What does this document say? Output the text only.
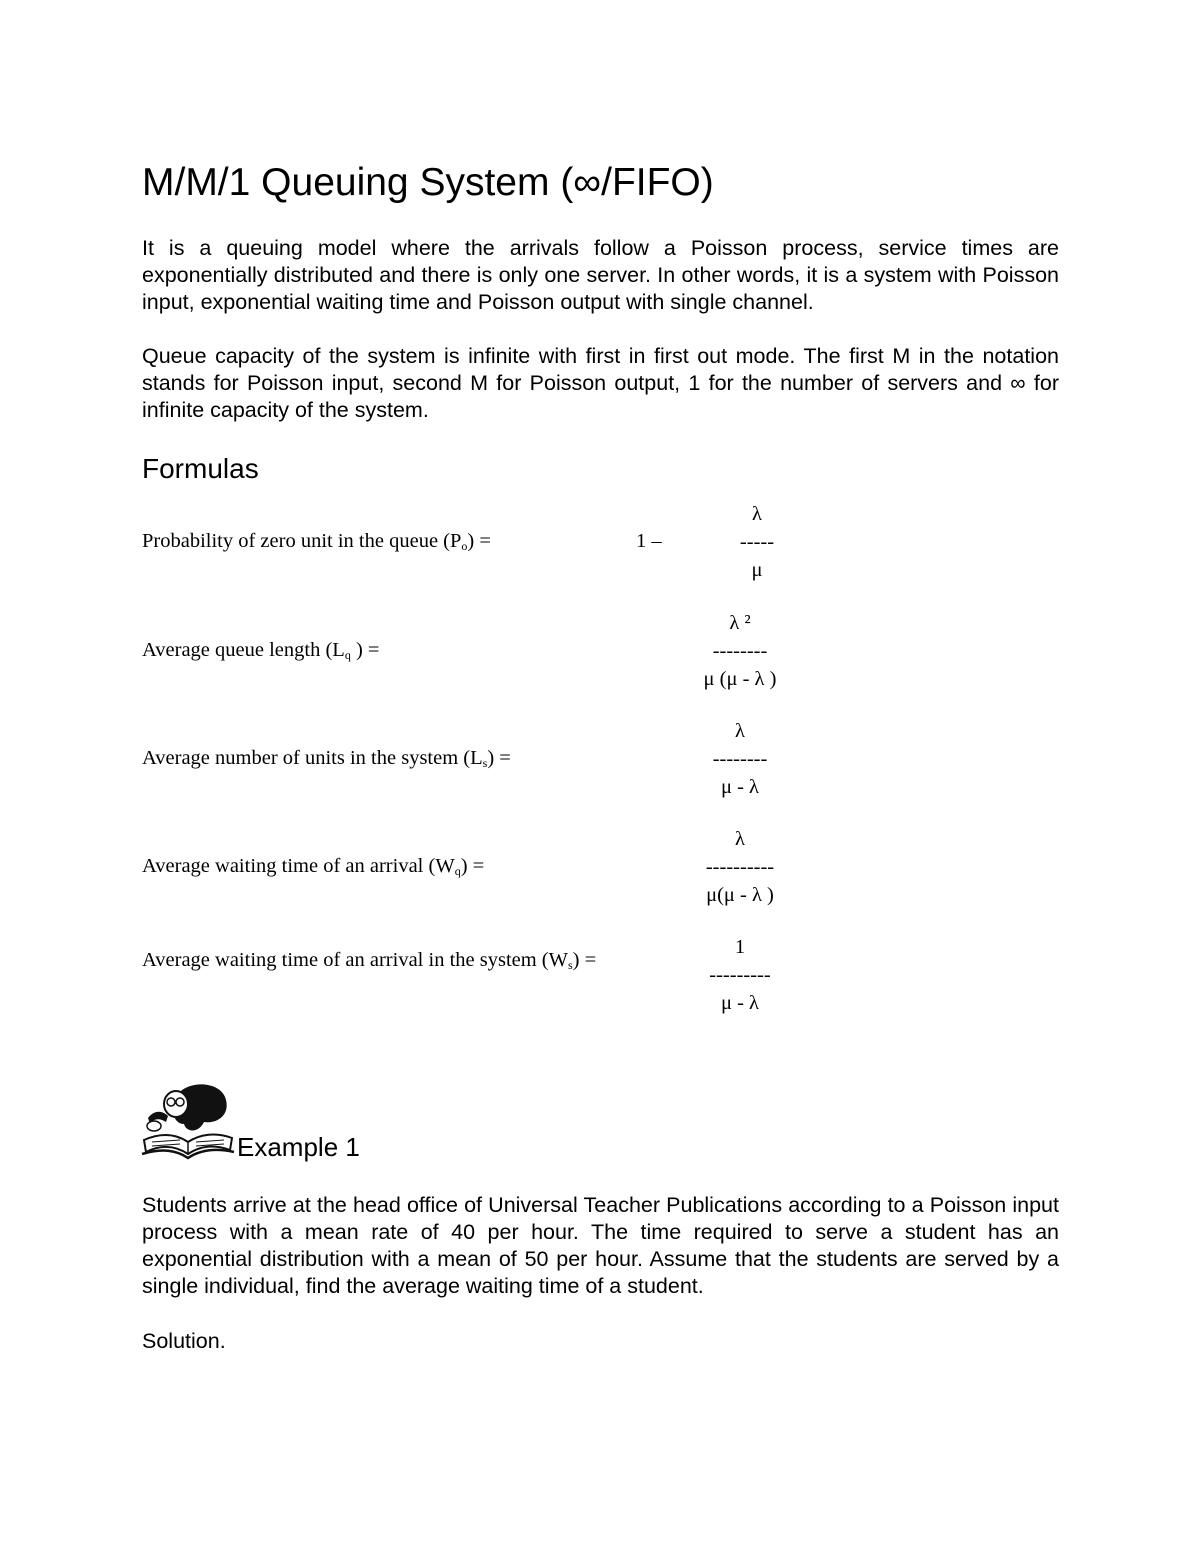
M/M/1 Queuing System (∞/FIFO)
It is a queuing model where the arrivals follow a Poisson process, service times are exponentially distributed and there is only one server. In other words, it is a system with Poisson input, exponential waiting time and Poisson output with single channel.
Queue capacity of the system is infinite with first in first out mode. The first M in the notation stands for Poisson input, second M for Poisson output, 1 for the number of servers and ∞ for infinite capacity of the system.
Formulas
Probability of zero unit in the queue $(P_o)$ =	1 –
λ
-----
μ
Average queue length ($L_q$ ) =
λ ²
--------
μ (μ - λ )
Average number of units in the system $(L_s)$ =
λ
--------
μ - λ
Average waiting time of an arrival $(W_q)$ =
λ
----------
μ(μ - λ )
Average waiting time of an arrival in the system $(W_s)$ =
1
---------
μ - λ
Example 1
Students arrive at the head office of Universal Teacher Publications according to a Poisson input process with a mean rate of 40 per hour. The time required to serve a student has an exponential distribution with a mean of 50 per hour. Assume that the students are served by a single individual, find the average waiting time of a student.
Solution.
